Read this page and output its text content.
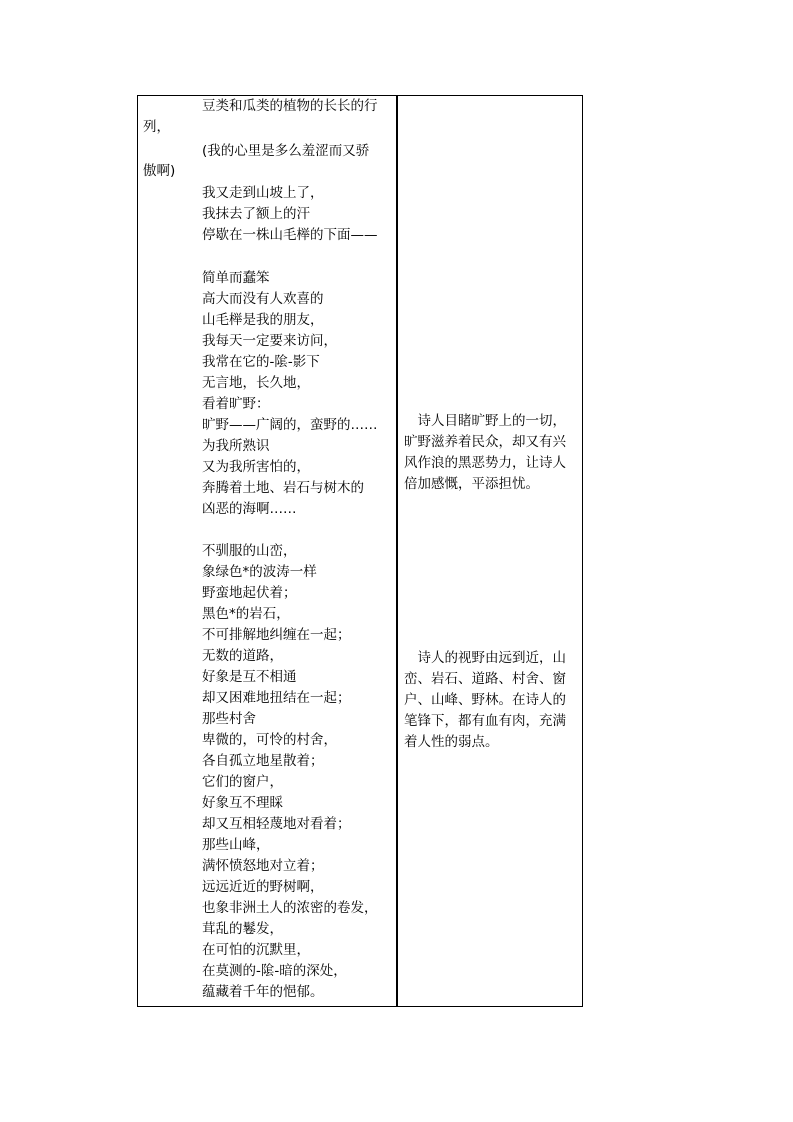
豆类和瓜类的植物的长长的行
列，
(我的心里是多么羞涩而又骄
傲啊)
我又走到山坡上了，
我抹去了额上的汗
停歇在一株山毛榉的下面——
简单而蠢笨
高大而没有人欢喜的
山毛榉是我的朋友，
我每天一定要来访问，
我常在它的-隂-影下
无言地，长久地，
看着旷野：
旷野——广阔的，蛮野的……
为我所熟识
又为我所害怕的，
奔腾着土地、岩石与树木的
凶恶的海啊……
不驯服的山峦，
象绿色*的波涛一样
野蛮地起伏着；
黑色*的岩石，
不可排解地纠缠在一起；
无数的道路，
好象是互不相通
却又困难地扭结在一起；
那些村舍
卑微的，可怜的村舍，
各自孤立地星散着；
它们的窗户，
好象互不理睬
却又互相轻蔑地对看着；
那些山峰，
满怀愤怒地对立着；
远远近近的野树啊，
也象非洲土人的浓密的卷发，
茸乱的鬈发，
在可怕的沉默里，
在莫测的-隂-暗的深处，
蕴藏着千年的悒郁。
　诗人目睹旷野上的一切，
旷野滋养着民众，却又有兴
风作浪的黑恶势力，让诗人
倍加感慨，平添担忧。
　诗人的视野由远到近，山
峦、岩石、道路、村舍、窗
户、山峰、野林。在诗人的
笔锋下，都有血有肉，充满
着人性的弱点。
